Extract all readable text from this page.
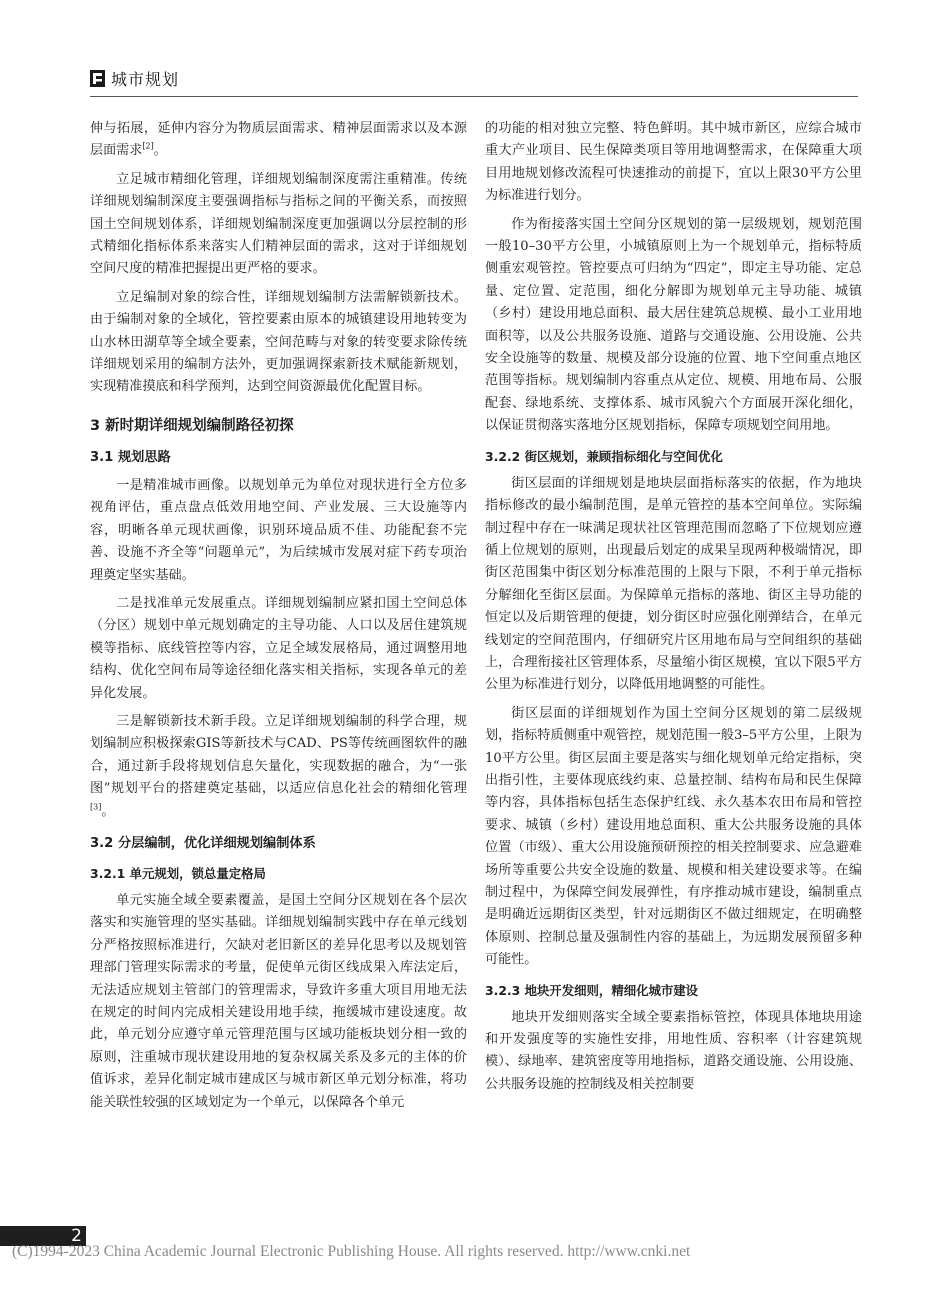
城市规划

伸与拓展，延伸内容分为物质层面需求、精神层面需求以及本源层面需求[2]。

立足城市精细化管理，详细规划编制深度需注重精准。传统详细规划编制深度主要强调指标与指标之间的平衡关系，而按照国土空间规划体系，详细规划编制深度更加强调以分层控制的形式精细化指标体系来落实人们精神层面的需求，这对于详细规划空间尺度的精准把握提出更严格的要求。

立足编制对象的综合性，详细规划编制方法需解锁新技术。由于编制对象的全域化，管控要素由原本的城镇建设用地转变为山水林田湖草等全域全要素，空间范畴与对象的转变要求除传统详细规划采用的编制方法外，更加强调探索新技术赋能新规划，实现精准摸底和科学预判，达到空间资源最优化配置目标。

3 新时期详细规划编制路径初探
3.1 规划思路

一是精准城市画像。以规划单元为单位对现状进行全方位多视角评估，重点盘点低效用地空间、产业发展、三大设施等内容，明晰各单元现状画像，识别环境品质不佳、功能配套不完善、设施不齐全等“问题单元”，为后续城市发展对症下药专项治理奠定坚实基础。

二是找准单元发展重点。详细规划编制应紧扣国土空间总体（分区）规划中单元规划确定的主导功能、人口以及居住建筑规模等指标、底线管控等内容，立足全域发展格局，通过调整用地结构、优化空间布局等途径细化落实相关指标，实现各单元的差异化发展。

三是解锁新技术新手段。立足详细规划编制的科学合理，规划编制应积极探索GIS等新技术与CAD、PS等传统画图软件的融合，通过新手段将规划信息矢量化，实现数据的融合，为“一张图”规划平台的搭建奠定基础，以适应信息化社会的精细化管理[3]。

3.2 分层编制，优化详细规划编制体系
3.2.1 单元规划，锁总量定格局

单元实施全域全要素覆盖，是国土空间分区规划在各个层次落实和实施管理的坚实基础。详细规划编制实践中存在单元线划分严格按照标准进行，欠缺对老旧新区的差异化思考以及规划管理部门管理实际需求的考量，促使单元街区线成果入库法定后，无法适应规划主管部门的管理需求，导致许多重大项目用地无法在规定的时间内完成相关建设用地手续，拖缓城市建设速度。故此，单元划分应遵守单元管理范围与区域功能板块划分相一致的原则，注重城市现状建设用地的复杂权属关系及多元的主体的价值诉求，差异化制定城市建成区与城市新区单元划分标准，将功能关联性较强的区域划定为一个单元，以保障各个单元

的功能的相对独立完整、特色鲜明。其中城市新区，应综合城市重大产业项目、民生保障类项目等用地调整需求，在保障重大项目用地规划修改流程可快速推动的前提下，宜以上限30平方公里为标准进行划分。

作为衔接落实国土空间分区规划的第一层级规划，规划范围一般10–30平方公里，小城镇原则上为一个规划单元，指标特质侧重宏观管控。管控要点可归纳为“四定”，即定主导功能、定总量、定位置、定范围，细化分解即为规划单元主导功能、城镇（乡村）建设用地总面积、最大居住建筑总规模、最小工业用地面积等，以及公共服务设施、道路与交通设施、公用设施、公共安全设施等的数量、规模及部分设施的位置、地下空间重点地区范围等指标。规划编制内容重点从定位、规模、用地布局、公服配套、绿地系统、支撑体系、城市风貌六个方面展开深化细化，以保证贯彻落实落地分区规划指标，保障专项规划空间用地。

3.2.2 街区规划，兼顾指标细化与空间优化

街区层面的详细规划是地块层面指标落实的依据，作为地块指标修改的最小编制范围，是单元管控的基本空间单位。实际编制过程中存在一味满足现状社区管理范围而忽略了下位规划应遵循上位规划的原则，出现最后划定的成果呈现两种极端情况，即街区范围集中街区划分标准范围的上限与下限，不利于单元指标分解细化至街区层面。为保障单元指标的落地、街区主导功能的恒定以及后期管理的便捷，划分街区时应强化刚弹结合，在单元线划定的空间范围内，仔细研究片区用地布局与空间组织的基础上，合理衔接社区管理体系，尽量缩小街区规模，宜以下限5平方公里为标准进行划分，以降低用地调整的可能性。

街区层面的详细规划作为国土空间分区规划的第二层级规划，指标特质侧重中观管控，规划范围一般3–5平方公里，上限为10平方公里。街区层面主要是落实与细化规划单元给定指标，突出指引性，主要体现底线约束、总量控制、结构布局和民生保障等内容，具体指标包括生态保护红线、永久基本农田布局和管控要求、城镇（乡村）建设用地总面积、重大公共服务设施的具体位置（市级）、重大公用设施预研预控的相关控制要求、应急避难场所等重要公共安全设施的数量、规模和相关建设要求等。在编制过程中，为保障空间发展弹性，有序推动城市建设，编制重点是明确近远期街区类型，针对远期街区不做过细规定，在明确整体原则、控制总量及强制性内容的基础上，为远期发展预留多种可能性。

3.2.3 地块开发细则，精细化城市建设

地块开发细则落实全域全要素指标管控，体现具体地块用途和开发强度等的实施性安排，用地性质、容积率（计容建筑规模）、绿地率、建筑密度等用地指标，道路交通设施、公用设施、公共服务设施的控制线及相关控制要

2
(C)1994-2023 China Academic Journal Electronic Publishing House. All rights reserved. http://www.cnki.net
